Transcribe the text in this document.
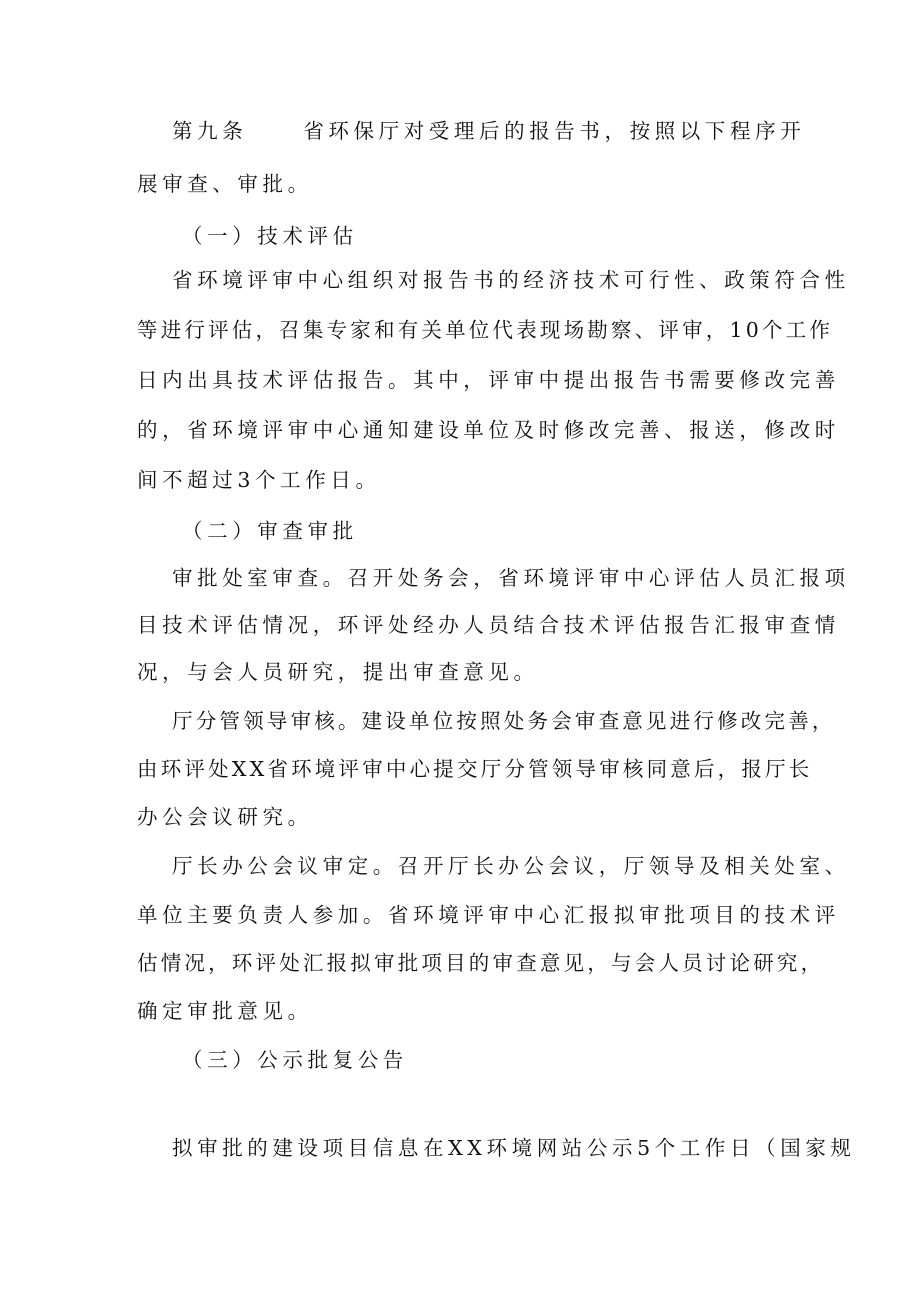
第九条	省环保厅对受理后的报告书，按照以下程序开
展审查、审批。
（一）技术评估
省环境评审中心组织对报告书的经济技术可行性、政策符合性
等进行评估，召集专家和有关单位代表现场勘察、评审，10个工作
日内出具技术评估报告。其中，评审中提出报告书需要修改完善
的，省环境评审中心通知建设单位及时修改完善、报送，修改时
间不超过3个工作日。
（二）审查审批
审批处室审查。召开处务会，省环境评审中心评估人员汇报项
目技术评估情况，环评处经办人员结合技术评估报告汇报审查情
况，与会人员研究，提出审查意见。
厅分管领导审核。建设单位按照处务会审查意见进行修改完善，
由环评处XX省环境评审中心提交厅分管领导审核同意后，报厅长
办公会议研究。
厅长办公会议审定。召开厅长办公会议，厅领导及相关处室、
单位主要负责人参加。省环境评审中心汇报拟审批项目的技术评
估情况，环评处汇报拟审批项目的审查意见，与会人员讨论研究，
确定审批意见。
（三）公示批复公告
拟审批的建设项目信息在XX环境网站公示5个工作日（国家规
